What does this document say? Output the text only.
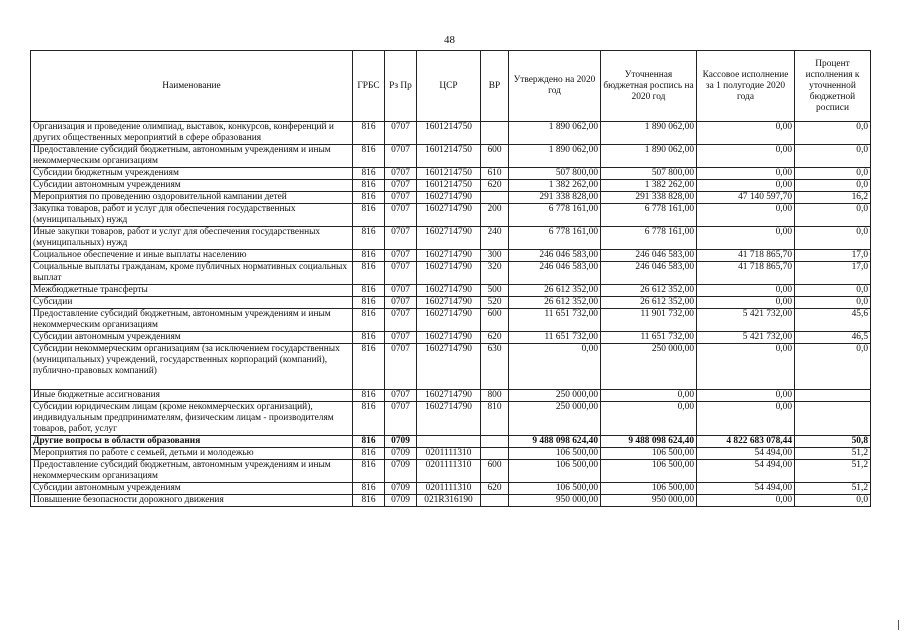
48
Наименование	ГРБС	Рз Пр	ЦСР	ВР	Утверждено на 2020 год	Уточненная бюджетная роспись на 2020 год	Кассовое исполнение за 1 полугодие 2020 года	Процент исполнения к уточненной бюджетной росписи
Организация и проведение олимпиад, выставок, конкурсов, конференций и других общественных мероприятий в сфере образования	816	0707	1601214750		1 890 062,00	1 890 062,00	0,00	0,0
Предоставление субсидий бюджетным, автономным учреждениям и иным некоммерческим организациям	816	0707	1601214750	600	1 890 062,00	1 890 062,00	0,00	0,0
Субсидии бюджетным учреждениям	816	0707	1601214750	610	507 800,00	507 800,00	0,00	0,0
Субсидии автономным учреждениям	816	0707	1601214750	620	1 382 262,00	1 382 262,00	0,00	0,0
Мероприятия по проведению оздоровительной кампании детей	816	0707	1602714790		291 338 828,00	291 338 828,00	47 140 597,70	16,2
Закупка товаров, работ и услуг для обеспечения государственных (муниципальных) нужд	816	0707	1602714790	200	6 778 161,00	6 778 161,00	0,00	0,0
Иные закупки товаров, работ и услуг для обеспечения государственных (муниципальных) нужд	816	0707	1602714790	240	6 778 161,00	6 778 161,00	0,00	0,0
Социальное обеспечение и иные выплаты населению	816	0707	1602714790	300	246 046 583,00	246 046 583,00	41 718 865,70	17,0
Социальные выплаты гражданам, кроме публичных нормативных социальных выплат	816	0707	1602714790	320	246 046 583,00	246 046 583,00	41 718 865,70	17,0
Межбюджетные трансферты	816	0707	1602714790	500	26 612 352,00	26 612 352,00	0,00	0,0
Субсидии	816	0707	1602714790	520	26 612 352,00	26 612 352,00	0,00	0,0
Предоставление субсидий бюджетным, автономным учреждениям и иным некоммерческим организациям	816	0707	1602714790	600	11 651 732,00	11 901 732,00	5 421 732,00	45,6
Субсидии автономным учреждениям	816	0707	1602714790	620	11 651 732,00	11 651 732,00	5 421 732,00	46,5
Субсидии некоммерческим организациям (за исключением государственных (муниципальных) учреждений, государственных корпораций (компаний), публично-правовых компаний)	816	0707	1602714790	630	0,00	250 000,00	0,00	0,0
Иные бюджетные ассигнования	816	0707	1602714790	800	250 000,00	0,00	0,00	
Субсидии юридическим лицам (кроме некоммерческих организаций), индивидуальным предпринимателям, физическим лицам - производителям товаров, работ, услуг	816	0707	1602714790	810	250 000,00	0,00	0,00	
Другие вопросы в области образования	816	0709			9 488 098 624,40	9 488 098 624,40	4 822 683 078,44	50,8
Мероприятия по работе с семьей, детьми и молодежью	816	0709	0201111310		106 500,00	106 500,00	54 494,00	51,2
Предоставление субсидий бюджетным, автономным учреждениям и иным некоммерческим организациям	816	0709	0201111310	600	106 500,00	106 500,00	54 494,00	51,2
Субсидии автономным учреждениям	816	0709	0201111310	620	106 500,00	106 500,00	54 494,00	51,2
Повышение безопасности дорожного движения	816	0709	021R316190		950 000,00	950 000,00	0,00	0,0
